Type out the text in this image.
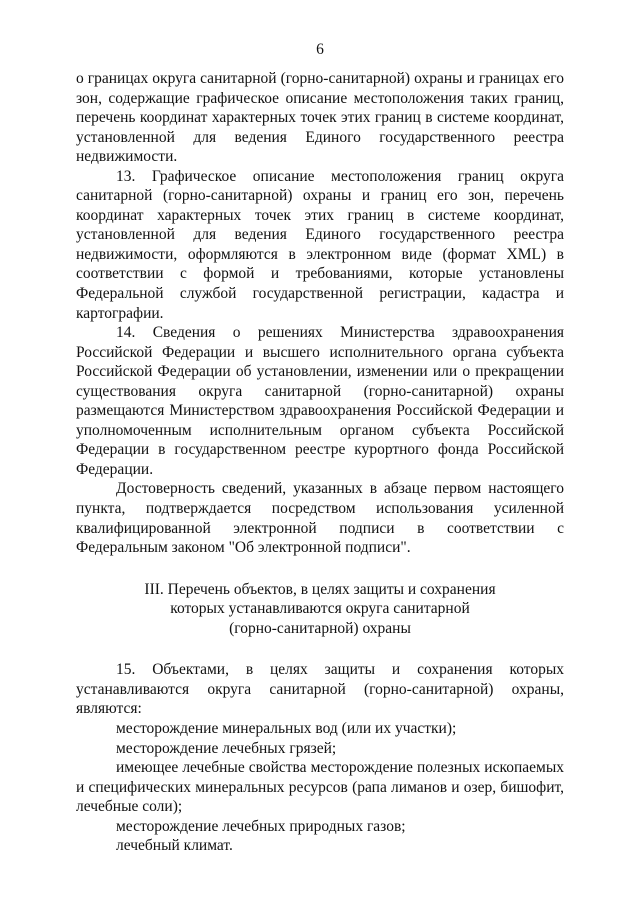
6

о границах округа санитарной (горно-санитарной) охраны и границах его зон, содержащие графическое описание местоположения таких границ, перечень координат характерных точек этих границ в системе координат, установленной для ведения Единого государственного реестра недвижимости.

13. Графическое описание местоположения границ округа санитарной (горно-санитарной) охраны и границ его зон, перечень координат характерных точек этих границ в системе координат, установленной для ведения Единого государственного реестра недвижимости, оформляются в электронном виде (формат XML) в соответствии с формой и требованиями, которые установлены Федеральной службой государственной регистрации, кадастра и картографии.

14. Сведения о решениях Министерства здравоохранения Российской Федерации и высшего исполнительного органа субъекта Российской Федерации об установлении, изменении или о прекращении существования округа санитарной (горно-санитарной) охраны размещаются Министерством здравоохранения Российской Федерации и уполномоченным исполнительным органом субъекта Российской Федерации в государственном реестре курортного фонда Российской Федерации.

Достоверность сведений, указанных в абзаце первом настоящего пункта, подтверждается посредством использования усиленной квалифицированной электронной подписи в соответствии с Федеральным законом "Об электронной подписи".

III. Перечень объектов, в целях защиты и сохранения
которых устанавливаются округа санитарной
(горно-санитарной) охраны

15. Объектами, в целях защиты и сохранения которых устанавливаются округа санитарной (горно-санитарной) охраны, являются:

месторождение минеральных вод (или их участки);

месторождение лечебных грязей;

имеющее лечебные свойства месторождение полезных ископаемых и специфических минеральных ресурсов (рапа лиманов и озер, бишофит, лечебные соли);

месторождение лечебных природных газов;

лечебный климат.
